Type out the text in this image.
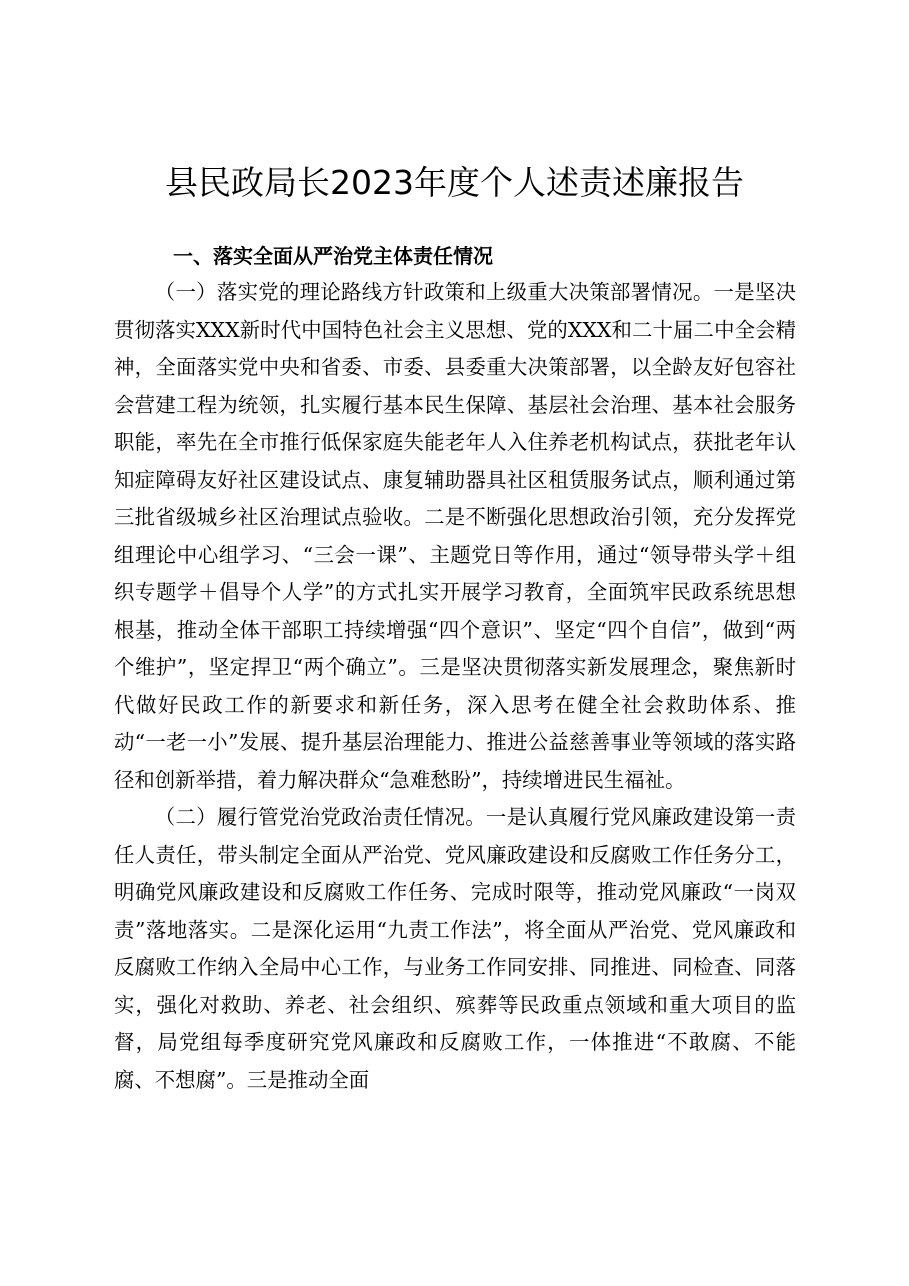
县民政局长2023年度个人述责述廉报告
一、落实全面从严治党主体责任情况

（一）落实党的理论路线方针政策和上级重大决策部署情况。一是坚决贯彻落实XXX新时代中国特色社会主义思想、党的XXX和二十届二中全会精神，全面落实党中央和省委、市委、县委重大决策部署，以全龄友好包容社会营建工程为统领，扎实履行基本民生保障、基层社会治理、基本社会服务职能，率先在全市推行低保家庭失能老年人入住养老机构试点，获批老年认知症障碍友好社区建设试点、康复辅助器具社区租赁服务试点，顺利通过第三批省级城乡社区治理试点验收。二是不断强化思想政治引领，充分发挥党组理论中心组学习、“三会一课”、主题党日等作用，通过“领导带头学＋组织专题学＋倡导个人学”的方式扎实开展学习教育，全面筑牢民政系统思想根基，推动全体干部职工持续增强“四个意识”、坚定“四个自信”，做到“两个维护”，坚定捍卫“两个确立”。三是坚决贯彻落实新发展理念，聚焦新时代做好民政工作的新要求和新任务，深入思考在健全社会救助体系、推动“一老一小”发展、提升基层治理能力、推进公益慈善事业等领域的落实路径和创新举措，着力解决群众“急难愁盼”，持续增进民生福祉。

（二）履行管党治党政治责任情况。一是认真履行党风廉政建设第一责任人责任，带头制定全面从严治党、党风廉政建设和反腐败工作任务分工，明确党风廉政建设和反腐败工作任务、完成时限等，推动党风廉政“一岗双责”落地落实。二是深化运用“九责工作法”，将全面从严治党、党风廉政和反腐败工作纳入全局中心工作，与业务工作同安排、同推进、同检查、同落实，强化对救助、养老、社会组织、殡葬等民政重点领域和重大项目的监督，局党组每季度研究党风廉政和反腐败工作，一体推进“不敢腐、不能腐、不想腐”。三是推动全面
